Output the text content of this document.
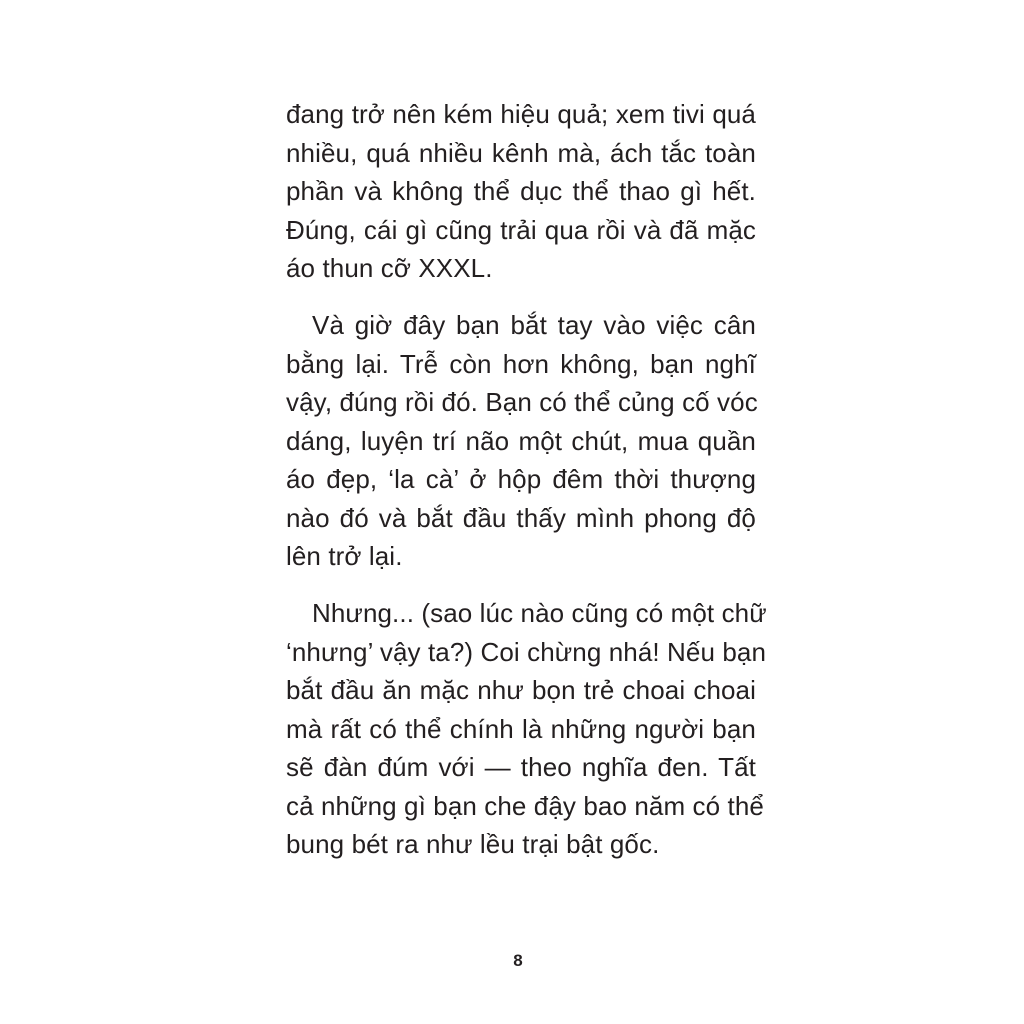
đang trở nên kém hiệu quả; xem tivi quá
nhiều, quá nhiều kênh mà, ách tắc toàn
phần và không thể dục thể thao gì hết.
Đúng, cái gì cũng trải qua rồi và đã mặc
áo thun cỡ XXXL.
Và giờ đây bạn bắt tay vào việc cân
bằng lại. Trễ còn hơn không, bạn nghĩ
vậy, đúng rồi đó. Bạn có thể củng cố vóc
dáng, luyện trí não một chút, mua quần
áo đẹp, ‘la cà’ ở hộp đêm thời thượng
nào đó và bắt đầu thấy mình phong độ
lên trở lại.
Nhưng... (sao lúc nào cũng có một chữ
‘nhưng’ vậy ta?) Coi chừng nhá! Nếu bạn
bắt đầu ăn mặc như bọn trẻ choai choai
mà rất có thể chính là những người bạn
sẽ đàn đúm với — theo nghĩa đen. Tất
cả những gì bạn che đậy bao năm có thể
bung bét ra như lều trại bật gốc.
8
